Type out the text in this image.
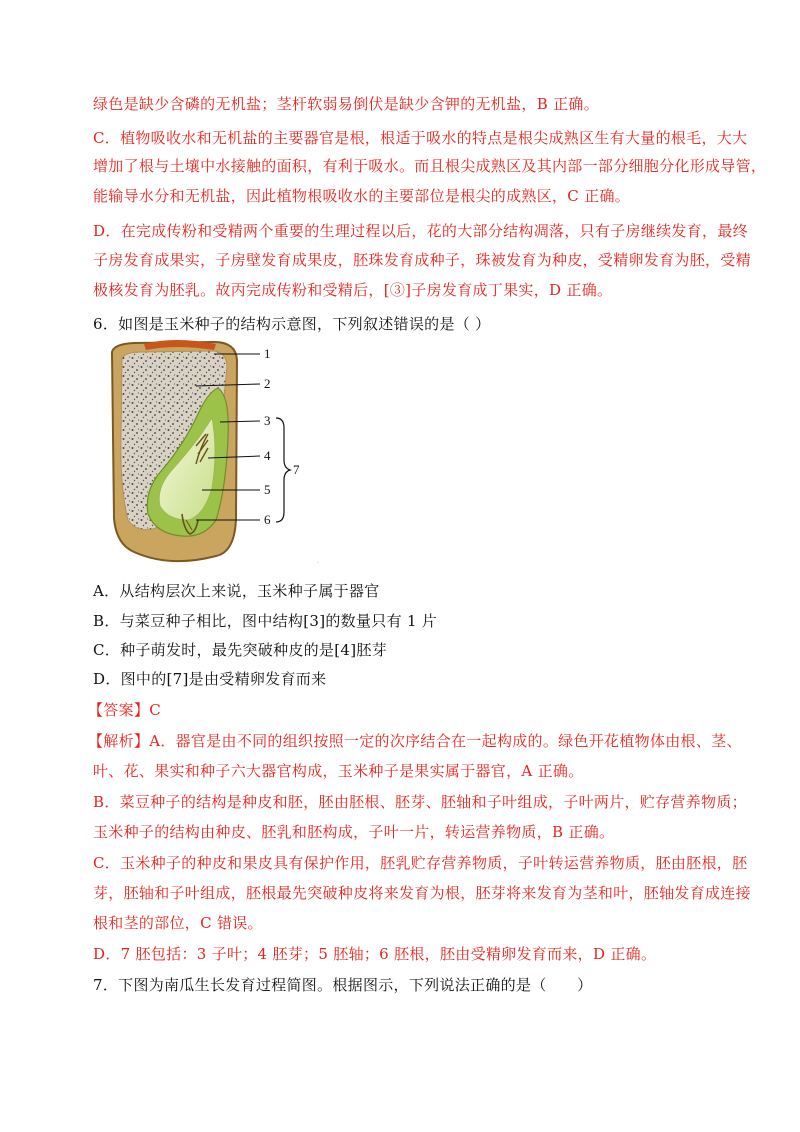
绿色是缺少含磷的无机盐；茎杆软弱易倒伏是缺少含钾的无机盐，B 正确。
C．植物吸收水和无机盐的主要器官是根，根适于吸水的特点是根尖成熟区生有大量的根毛，大大
增加了根与土壤中水接触的面积，有利于吸水。而且根尖成熟区及其内部一部分细胞分化形成导管，
能输导水分和无机盐，因此植物根吸收水的主要部位是根尖的成熟区，C 正确。
D．在完成传粉和受精两个重要的生理过程以后，花的大部分结构凋落，只有子房继续发育，最终
子房发育成果实，子房壁发育成果皮，胚珠发育成种子，珠被发育为种皮，受精卵发育为胚，受精
极核发育为胚乳。故丙完成传粉和受精后，[③]子房发育成丁果实，D 正确。
6．如图是玉米种子的结构示意图，下列叙述错误的是（ ）
1
2
3
4
5
6
7
·
A．从结构层次上来说，玉米种子属于器官
B．与菜豆种子相比，图中结构[3]的数量只有 1 片
C．种子萌发时，最先突破种皮的是[4]胚芽
D．图中的[7]是由受精卵发育而来
【答案】C
【解析】A．器官是由不同的组织按照一定的次序结合在一起构成的。绿色开花植物体由根、茎、
叶、花、果实和种子六大器官构成，玉米种子是果实属于器官，A 正确。
B．菜豆种子的结构是种皮和胚，胚由胚根、胚芽、胚轴和子叶组成，子叶两片，贮存营养物质；
玉米种子的结构由种皮、胚乳和胚构成，子叶一片，转运营养物质，B 正确。
C．玉米种子的种皮和果皮具有保护作用，胚乳贮存营养物质，子叶转运营养物质，胚由胚根，胚
芽，胚轴和子叶组成，胚根最先突破种皮将来发育为根，胚芽将来发育为茎和叶，胚轴发育成连接
根和茎的部位，C 错误。
D．7 胚包括：3 子叶；4 胚芽；5 胚轴；6 胚根，胚由受精卵发育而来，D 正确。
7．下图为南瓜生长发育过程简图。根据图示，下列说法正确的是（　　）
